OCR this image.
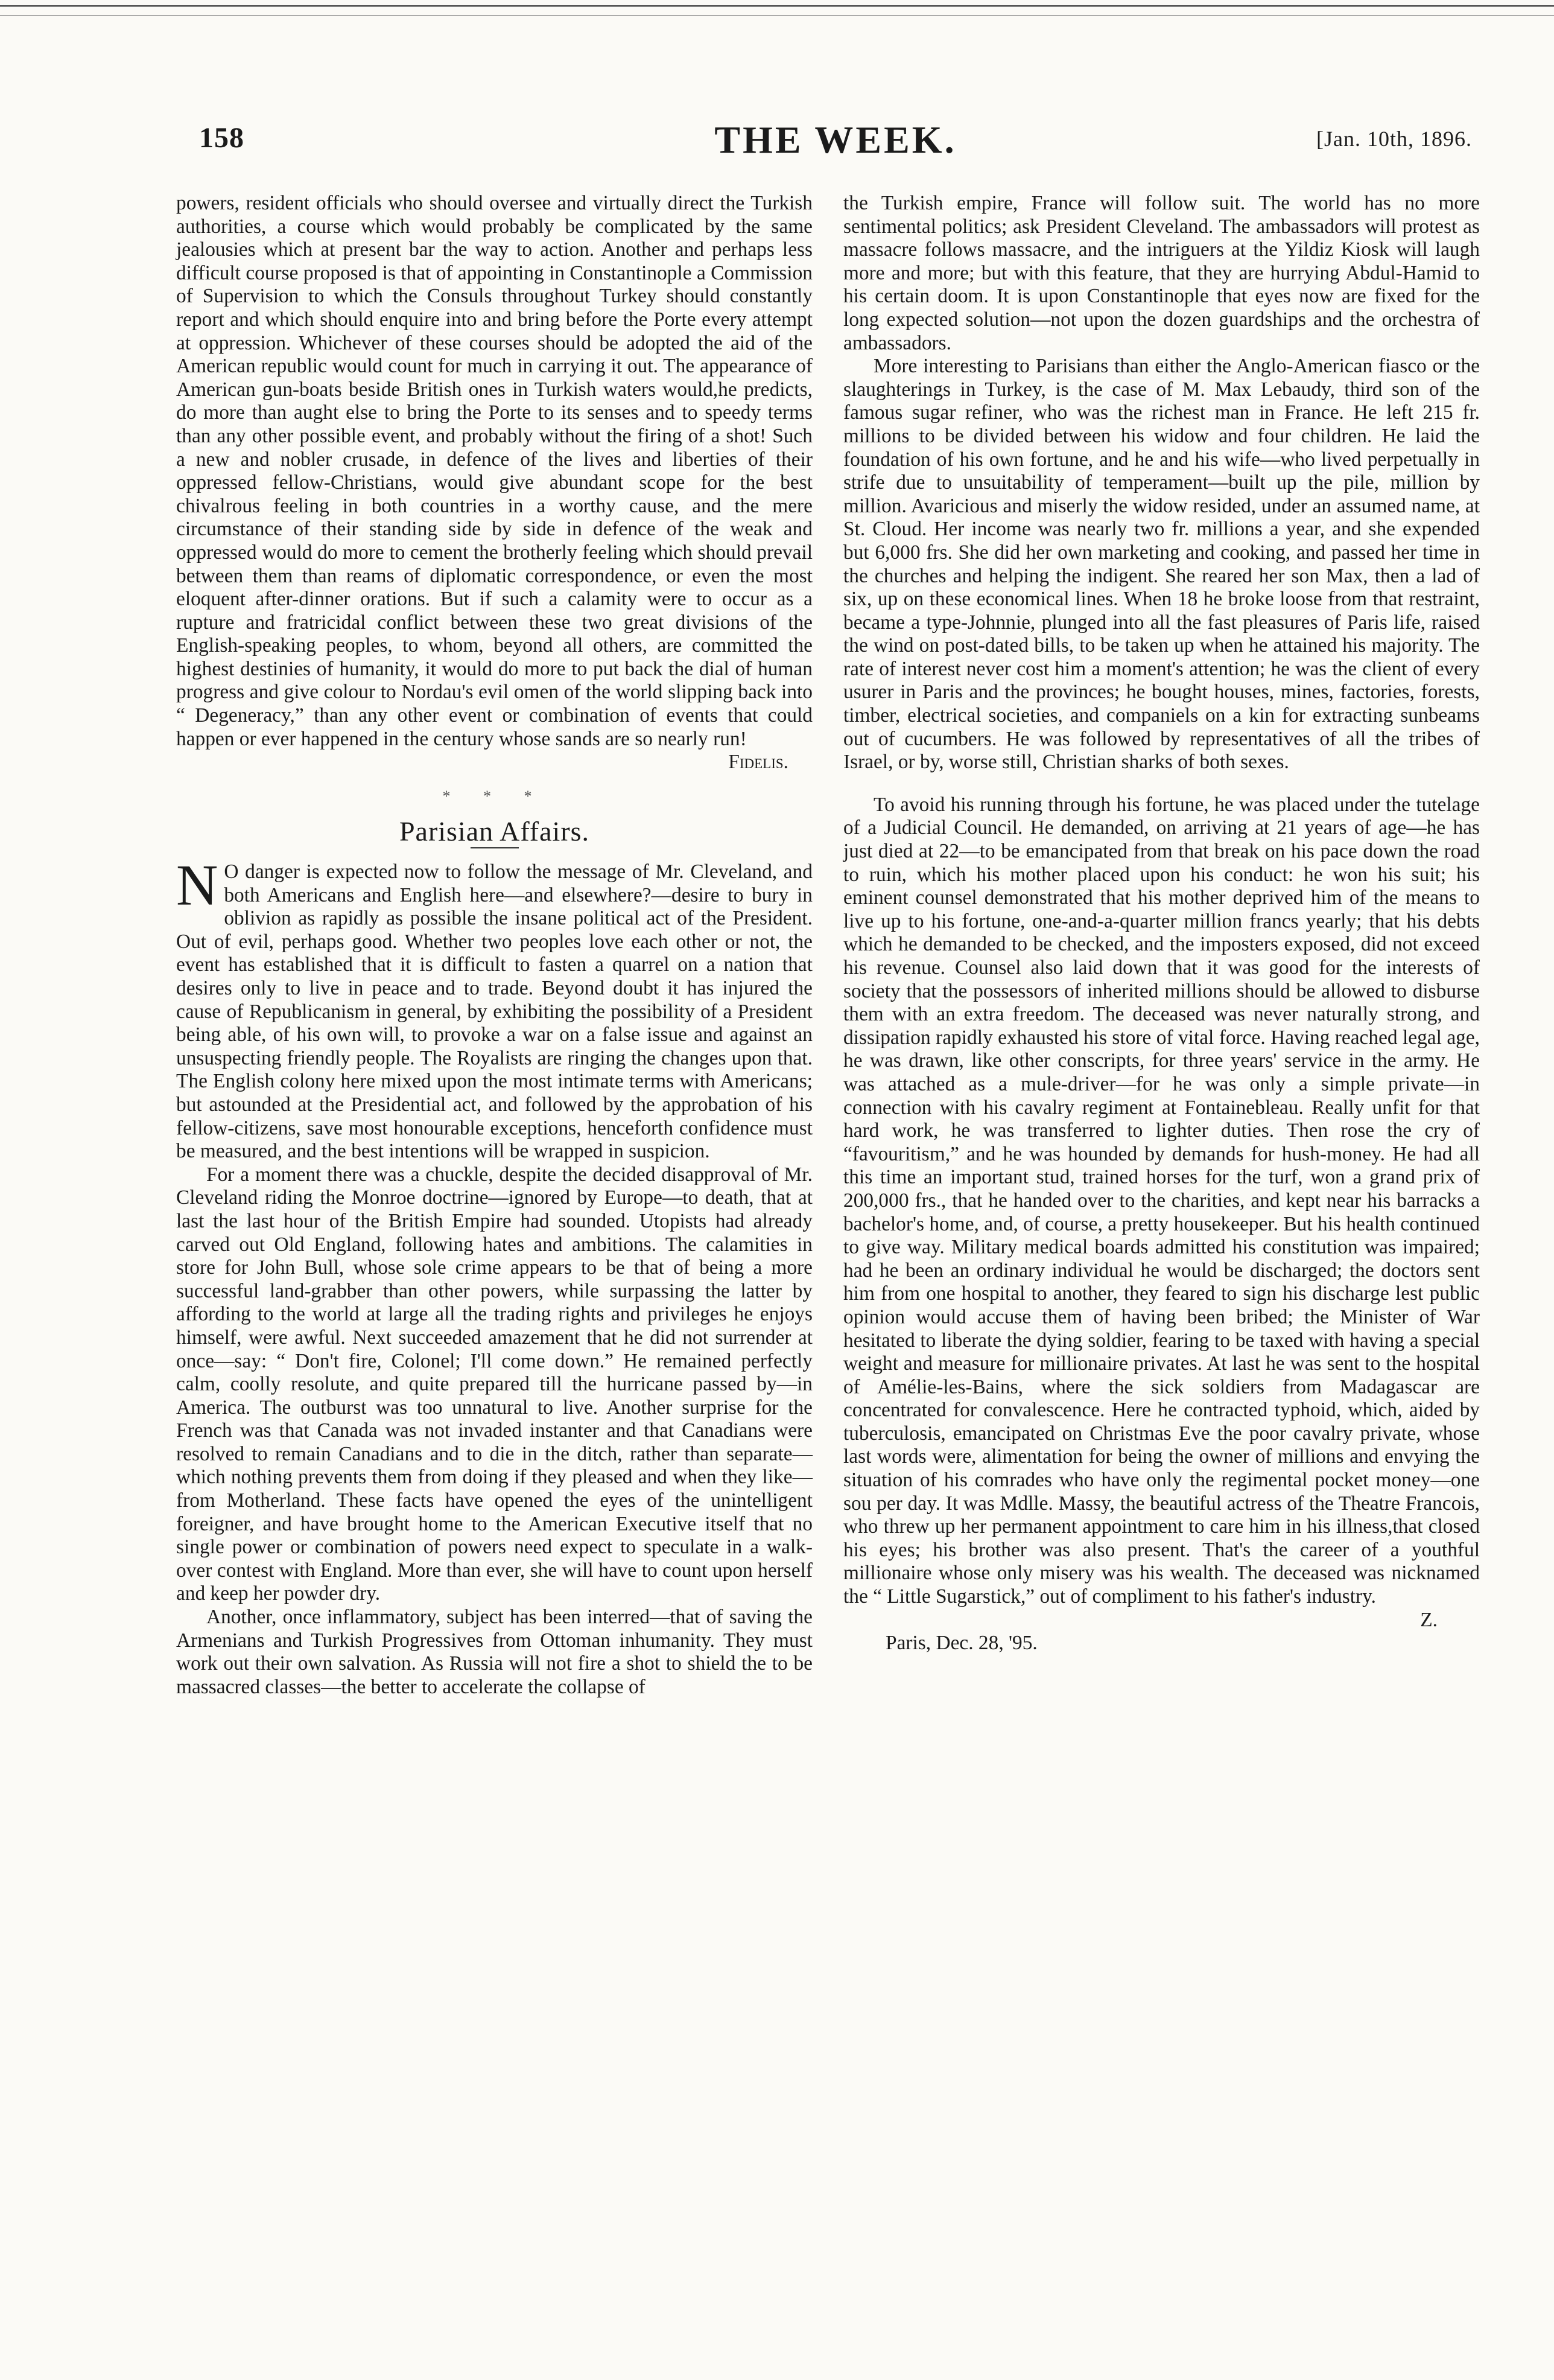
158	THE WEEK.	[Jan. 10th, 1896.

powers, resident officials who should oversee and virtually direct the Turkish authorities, a course which would probably be complicated by the same jealousies which at present bar the way to action. Another and perhaps less difficult course proposed is that of appointing in Constantinople a Commission of Supervision to which the Consuls throughout Turkey should constantly report and which should enquire into and bring before the Porte every attempt at oppression. Whichever of these courses should be adopted the aid of the American republic would count for much in carrying it out. The appearance of American gun-boats beside British ones in Turkish waters would,he predicts, do more than aught else to bring the Porte to its senses and to speedy terms than any other possible event, and probably without the firing of a shot! Such a new and nobler crusade, in defence of the lives and liberties of their oppressed fellow-Christians, would give abundant scope for the best chivalrous feeling in both countries in a worthy cause, and the mere circumstance of their standing side by side in defence of the weak and oppressed would do more to cement the brotherly feeling which should prevail between them than reams of diplomatic correspondence, or even the most eloquent after-dinner orations. But if such a calamity were to occur as a rupture and fratricidal conflict between these two great divisions of the English-speaking peoples, to whom, beyond all others, are committed the highest destinies of humanity, it would do more to put back the dial of human progress and give colour to Nordau's evil omen of the world slipping back into “ Degeneracy,” than any other event or combination of events that could happen or ever happened in the century whose sands are so nearly run!

Fidelis.

* * *
Parisian Affairs.

N O danger is expected now to follow the message of Mr. Cleveland, and both Americans and English here—and elsewhere?—desire to bury in oblivion as rapidly as possible the insane political act of the President. Out of evil, perhaps good. Whether two peoples love each other or not, the event has established that it is difficult to fasten a quarrel on a nation that desires only to live in peace and to trade. Beyond doubt it has injured the cause of Republicanism in general, by exhibiting the possibility of a President being able, of his own will, to provoke a war on a false issue and against an unsuspecting friendly people. The Royalists are ringing the changes upon that. The English colony here mixed upon the most intimate terms with Americans; but astounded at the Presidential act, and followed by the approbation of his fellow-citizens, save most honourable exceptions, henceforth confidence must be measured, and the best intentions will be wrapped in suspicion.

For a moment there was a chuckle, despite the decided disapproval of Mr. Cleveland riding the Monroe doctrine—ignored by Europe—to death, that at last the last hour of the British Empire had sounded. Utopists had already carved out Old England, following hates and ambitions. The calamities in store for John Bull, whose sole crime appears to be that of being a more successful land-grabber than other powers, while surpassing the latter by affording to the world at large all the trading rights and privileges he enjoys himself, were awful. Next succeeded amazement that he did not surrender at once—say: “ Don't fire, Colonel; I'll come down.” He remained perfectly calm, coolly resolute, and quite prepared till the hurricane passed by—in America. The outburst was too unnatural to live. Another surprise for the French was that Canada was not invaded instanter and that Canadians were resolved to remain Canadians and to die in the ditch, rather than separate—which nothing prevents them from doing if they pleased and when they like—from Motherland. These facts have opened the eyes of the unintelligent foreigner, and have brought home to the American Executive itself that no single power or combination of powers need expect to speculate in a walk-over contest with England. More than ever, she will have to count upon herself and keep her powder dry.

Another, once inflammatory, subject has been interred—that of saving the Armenians and Turkish Progressives from Ottoman inhumanity. They must work out their own salvation. As Russia will not fire a shot to shield the to be massacred classes—the better to accelerate the collapse of

the Turkish empire, France will follow suit. The world has no more sentimental politics; ask President Cleveland. The ambassadors will protest as massacre follows massacre, and the intriguers at the Yildiz Kiosk will laugh more and more; but with this feature, that they are hurrying Abdul-Hamid to his certain doom. It is upon Constantinople that eyes now are fixed for the long expected solution—not upon the dozen guardships and the orchestra of ambassadors.

More interesting to Parisians than either the Anglo-American fiasco or the slaughterings in Turkey, is the case of M. Max Lebaudy, third son of the famous sugar refiner, who was the richest man in France. He left 215 fr. millions to be divided between his widow and four children. He laid the foundation of his own fortune, and he and his wife—who lived perpetually in strife due to unsuitability of temperament—built up the pile, million by million. Avaricious and miserly the widow resided, under an assumed name, at St. Cloud. Her income was nearly two fr. millions a year, and she expended but 6,000 frs. She did her own marketing and cooking, and passed her time in the churches and helping the indigent. She reared her son Max, then a lad of six, up on these economical lines. When 18 he broke loose from that restraint, became a type-Johnnie, plunged into all the fast pleasures of Paris life, raised the wind on post-dated bills, to be taken up when he attained his majority. The rate of interest never cost him a moment's attention; he was the client of every usurer in Paris and the provinces; he bought houses, mines, factories, forests, timber, electrical societies, and companiels on a kin for extracting sunbeams out of cucumbers. He was followed by representatives of all the tribes of Israel, or by, worse still, Christian sharks of both sexes.

To avoid his running through his fortune, he was placed under the tutelage of a Judicial Council. He demanded, on arriving at 21 years of age—he has just died at 22—to be emancipated from that break on his pace down the road to ruin, which his mother placed upon his conduct: he won his suit; his eminent counsel demonstrated that his mother deprived him of the means to live up to his fortune, one-and-a-quarter million francs yearly; that his debts which he demanded to be checked, and the imposters exposed, did not exceed his revenue. Counsel also laid down that it was good for the interests of society that the possessors of inherited millions should be allowed to disburse them with an extra freedom. The deceased was never naturally strong, and dissipation rapidly exhausted his store of vital force. Having reached legal age, he was drawn, like other conscripts, for three years' service in the army. He was attached as a mule-driver—for he was only a simple private—in connection with his cavalry regiment at Fontainebleau. Really unfit for that hard work, he was transferred to lighter duties. Then rose the cry of “favouritism,” and he was hounded by demands for hush-money. He had all this time an important stud, trained horses for the turf, won a grand prix of 200,000 frs., that he handed over to the charities, and kept near his barracks a bachelor's home, and, of course, a pretty housekeeper. But his health continued to give way. Military medical boards admitted his constitution was impaired; had he been an ordinary individual he would be discharged; the doctors sent him from one hospital to another, they feared to sign his discharge lest public opinion would accuse them of having been bribed; the Minister of War hesitated to liberate the dying soldier, fearing to be taxed with having a special weight and measure for millionaire privates. At last he was sent to the hospital of Amélie-les-Bains, where the sick soldiers from Madagascar are concentrated for convalescence. Here he contracted typhoid, which, aided by tuberculosis, emancipated on Christmas Eve the poor cavalry private, whose last words were, alimentation for being the owner of millions and envying the situation of his comrades who have only the regimental pocket money—one sou per day. It was Mdlle. Massy, the beautiful actress of the Theatre Francois, who threw up her permanent appointment to care him in his illness,that closed his eyes; his brother was also present. That's the career of a youthful millionaire whose only misery was his wealth. The deceased was nicknamed the “ Little Sugarstick,” out of compliment to his father's industry.

Z.

Paris, Dec. 28, '95.
